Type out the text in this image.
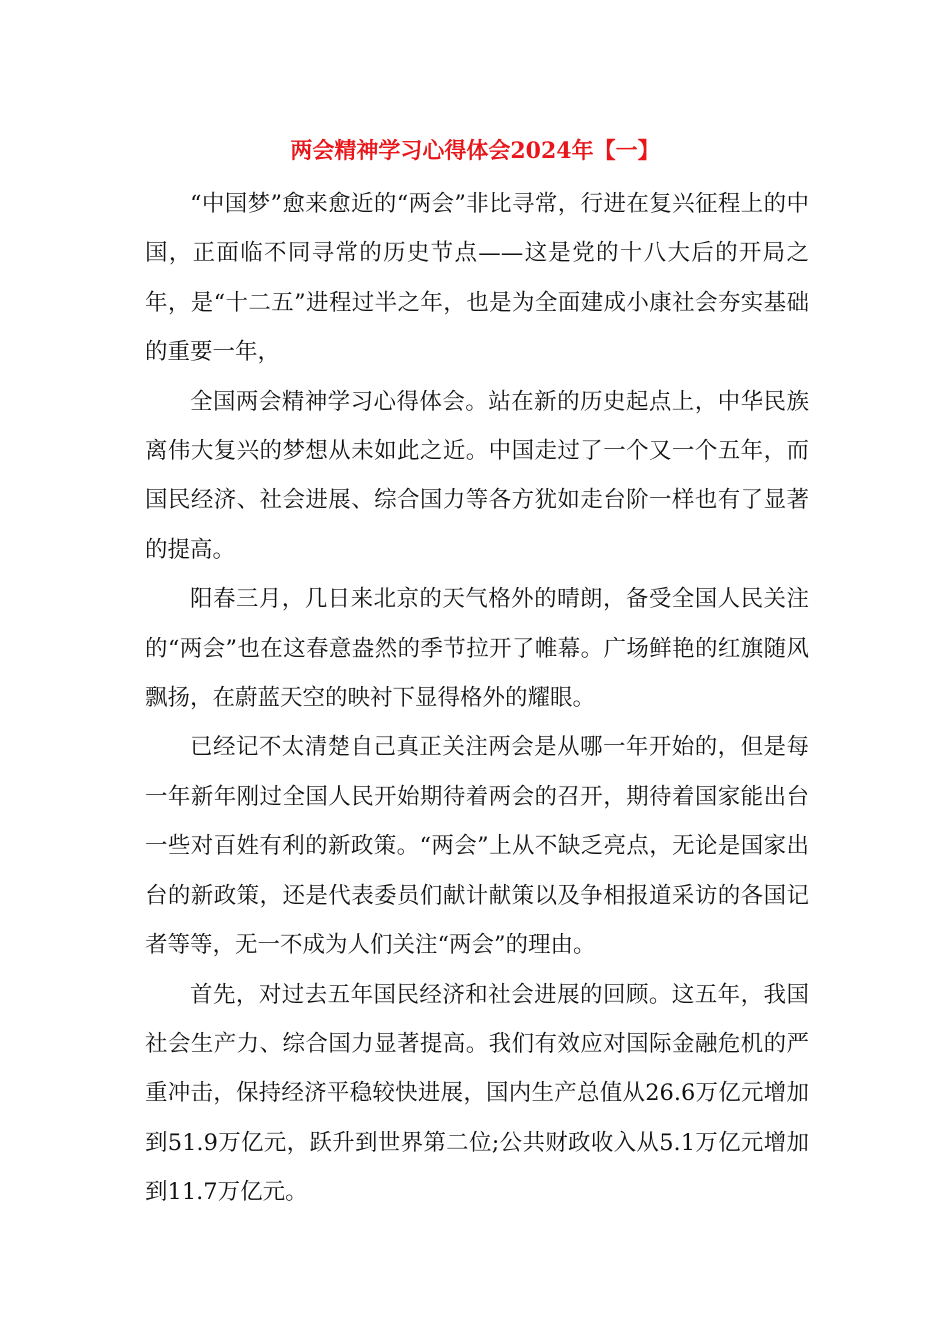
两会精神学习心得体会2024年【一】

“中国梦”愈来愈近的“两会”非比寻常，行进在复兴征程上的中国，正面临不同寻常的历史节点——这是党的十八大后的开局之年，是“十二五”进程过半之年，也是为全面建成小康社会夯实基础的重要一年，

全国两会精神学习心得体会。站在新的历史起点上，中华民族离伟大复兴的梦想从未如此之近。中国走过了一个又一个五年，而国民经济、社会进展、综合国力等各方犹如走台阶一样也有了显著的提高。

阳春三月，几日来北京的天气格外的晴朗，备受全国人民关注的“两会”也在这春意盎然的季节拉开了帷幕。广场鲜艳的红旗随风飘扬，在蔚蓝天空的映衬下显得格外的耀眼。

已经记不太清楚自己真正关注两会是从哪一年开始的，但是每一年新年刚过全国人民开始期待着两会的召开，期待着国家能出台一些对百姓有利的新政策。“两会”上从不缺乏亮点，无论是国家出台的新政策，还是代表委员们献计献策以及争相报道采访的各国记者等等，无一不成为人们关注“两会”的理由。

首先，对过去五年国民经济和社会进展的回顾。这五年，我国社会生产力、综合国力显著提高。我们有效应对国际金融危机的严重冲击，保持经济平稳较快进展，国内生产总值从26.6万亿元增加到51.9万亿元，跃升到世界第二位;公共财政收入从5.1万亿元增加到11.7万亿元。
